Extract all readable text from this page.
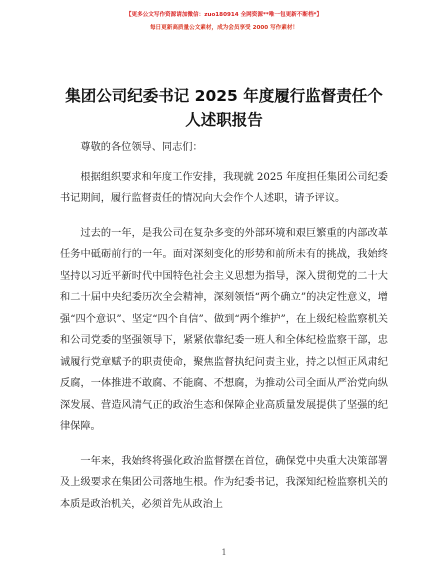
【更多公文写作资源请加微信：zuo180914 全网资源**唯一包更新不断档*】
每日更新高质量公文素材，成为会员享受 2000 写作素材！
集团公司纪委书记 2025 年度履行监督责任个人述职报告

尊敬的各位领导、同志们：

根据组织要求和年度工作安排，我现就 2025 年度担任集团公司纪委书记期间，履行监督责任的情况向大会作个人述职，请予评议。

过去的一年，是我公司在复杂多变的外部环境和艰巨繁重的内部改革任务中砥砺前行的一年。面对深刻变化的形势和前所未有的挑战，我始终坚持以习近平新时代中国特色社会主义思想为指导，深入贯彻党的二十大和二十届中央纪委历次全会精神，深刻领悟“两个确立”的决定性意义，增强“四个意识”、坚定“四个自信”、做到“两个维护”，在上级纪检监察机关和公司党委的坚强领导下，紧紧依靠纪委一班人和全体纪检监察干部，忠诚履行党章赋予的职责使命，聚焦监督执纪问责主业，持之以恒正风肃纪反腐，一体推进不敢腐、不能腐、不想腐，为推动公司全面从严治党向纵深发展、营造风清气正的政治生态和保障企业高质量发展提供了坚强的纪律保障。

一年来，我始终将强化政治监督摆在首位，确保党中央重大决策部署及上级要求在集团公司落地生根。作为纪委书记，我深知纪检监察机关的本质是政治机关，必须首先从政治上

1
